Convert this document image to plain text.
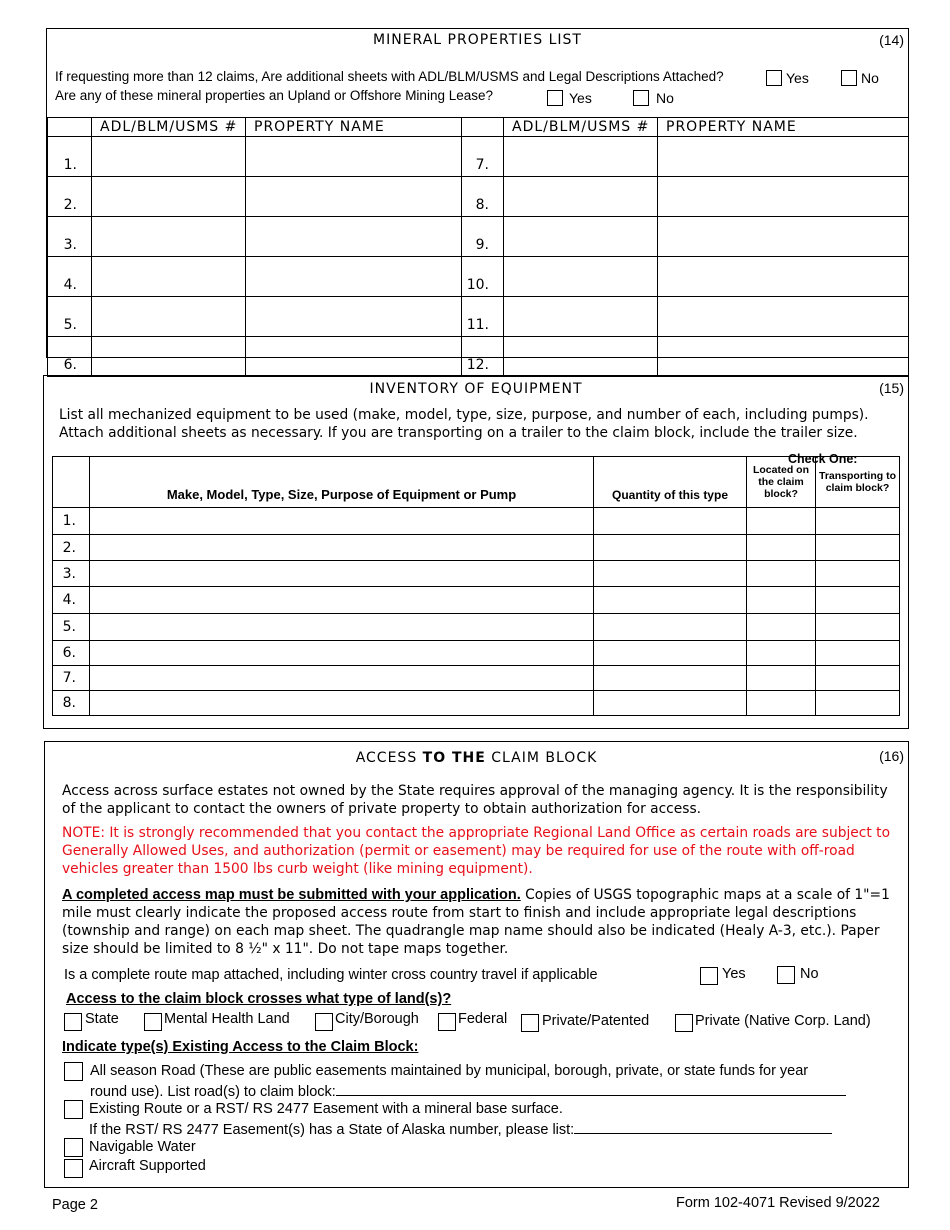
MINERAL PROPERTIES LIST	(14)
If requesting more than 12 claims, Are additional sheets with ADL/BLM/USMS and Legal Descriptions Attached?	Yes	No
Are any of these mineral properties an Upland or Offshore Mining Lease?	Yes	No
	ADL/BLM/USMS #	PROPERTY NAME		ADL/BLM/USMS #	PROPERTY NAME
1.			7.		
2.			8.		
3.			9.		
4.			10.		
5.			11.		
6.			12.		
INVENTORY OF EQUIPMENT	(15)
List all mechanized equipment to be used (make, model, type, size, purpose, and number of each, including pumps).
Attach additional sheets as necessary. If you are transporting on a trailer to the claim block, include the trailer size.
Check One:
	Make, Model, Type, Size, Purpose of Equipment or Pump	Quantity of this type	Located on the claim block?	Transporting to claim block?
1.				
2.				
3.				
4.				
5.				
6.				
7.				
8.				
ACCESS TO THE CLAIM BLOCK	(16)
Access across surface estates not owned by the State requires approval of the managing agency. It is the responsibility of the applicant to contact the owners of private property to obtain authorization for access.
NOTE: It is strongly recommended that you contact the appropriate Regional Land Office as certain roads are subject to Generally Allowed Uses, and authorization (permit or easement) may be required for use of the route with off-road vehicles greater than 1500 lbs curb weight (like mining equipment).
A completed access map must be submitted with your application. Copies of USGS topographic maps at a scale of 1"=1 mile must clearly indicate the proposed access route from start to finish and include appropriate legal descriptions (township and range) on each map sheet. The quadrangle map name should also be indicated (Healy A-3, etc.). Paper size should be limited to 8 ½" x 11". Do not tape maps together.
Is a complete route map attached, including winter cross country travel if applicable	Yes	No
Access to the claim block crosses what type of land(s)?
State	Mental Health Land	City/Borough	Federal Private/Patented	Private (Native Corp. Land)
Indicate type(s) Existing Access to the Claim Block:
All season Road (These are public easements maintained by municipal, borough, private, or state funds for year
round use). List road(s) to claim block:
Existing Route or a RST/ RS 2477 Easement with a mineral base surface.
If the RST/ RS 2477 Easement(s) has a State of Alaska number, please list:
Navigable Water
Aircraft Supported
Page 2	Form 102-4071 Revised 9/2022
